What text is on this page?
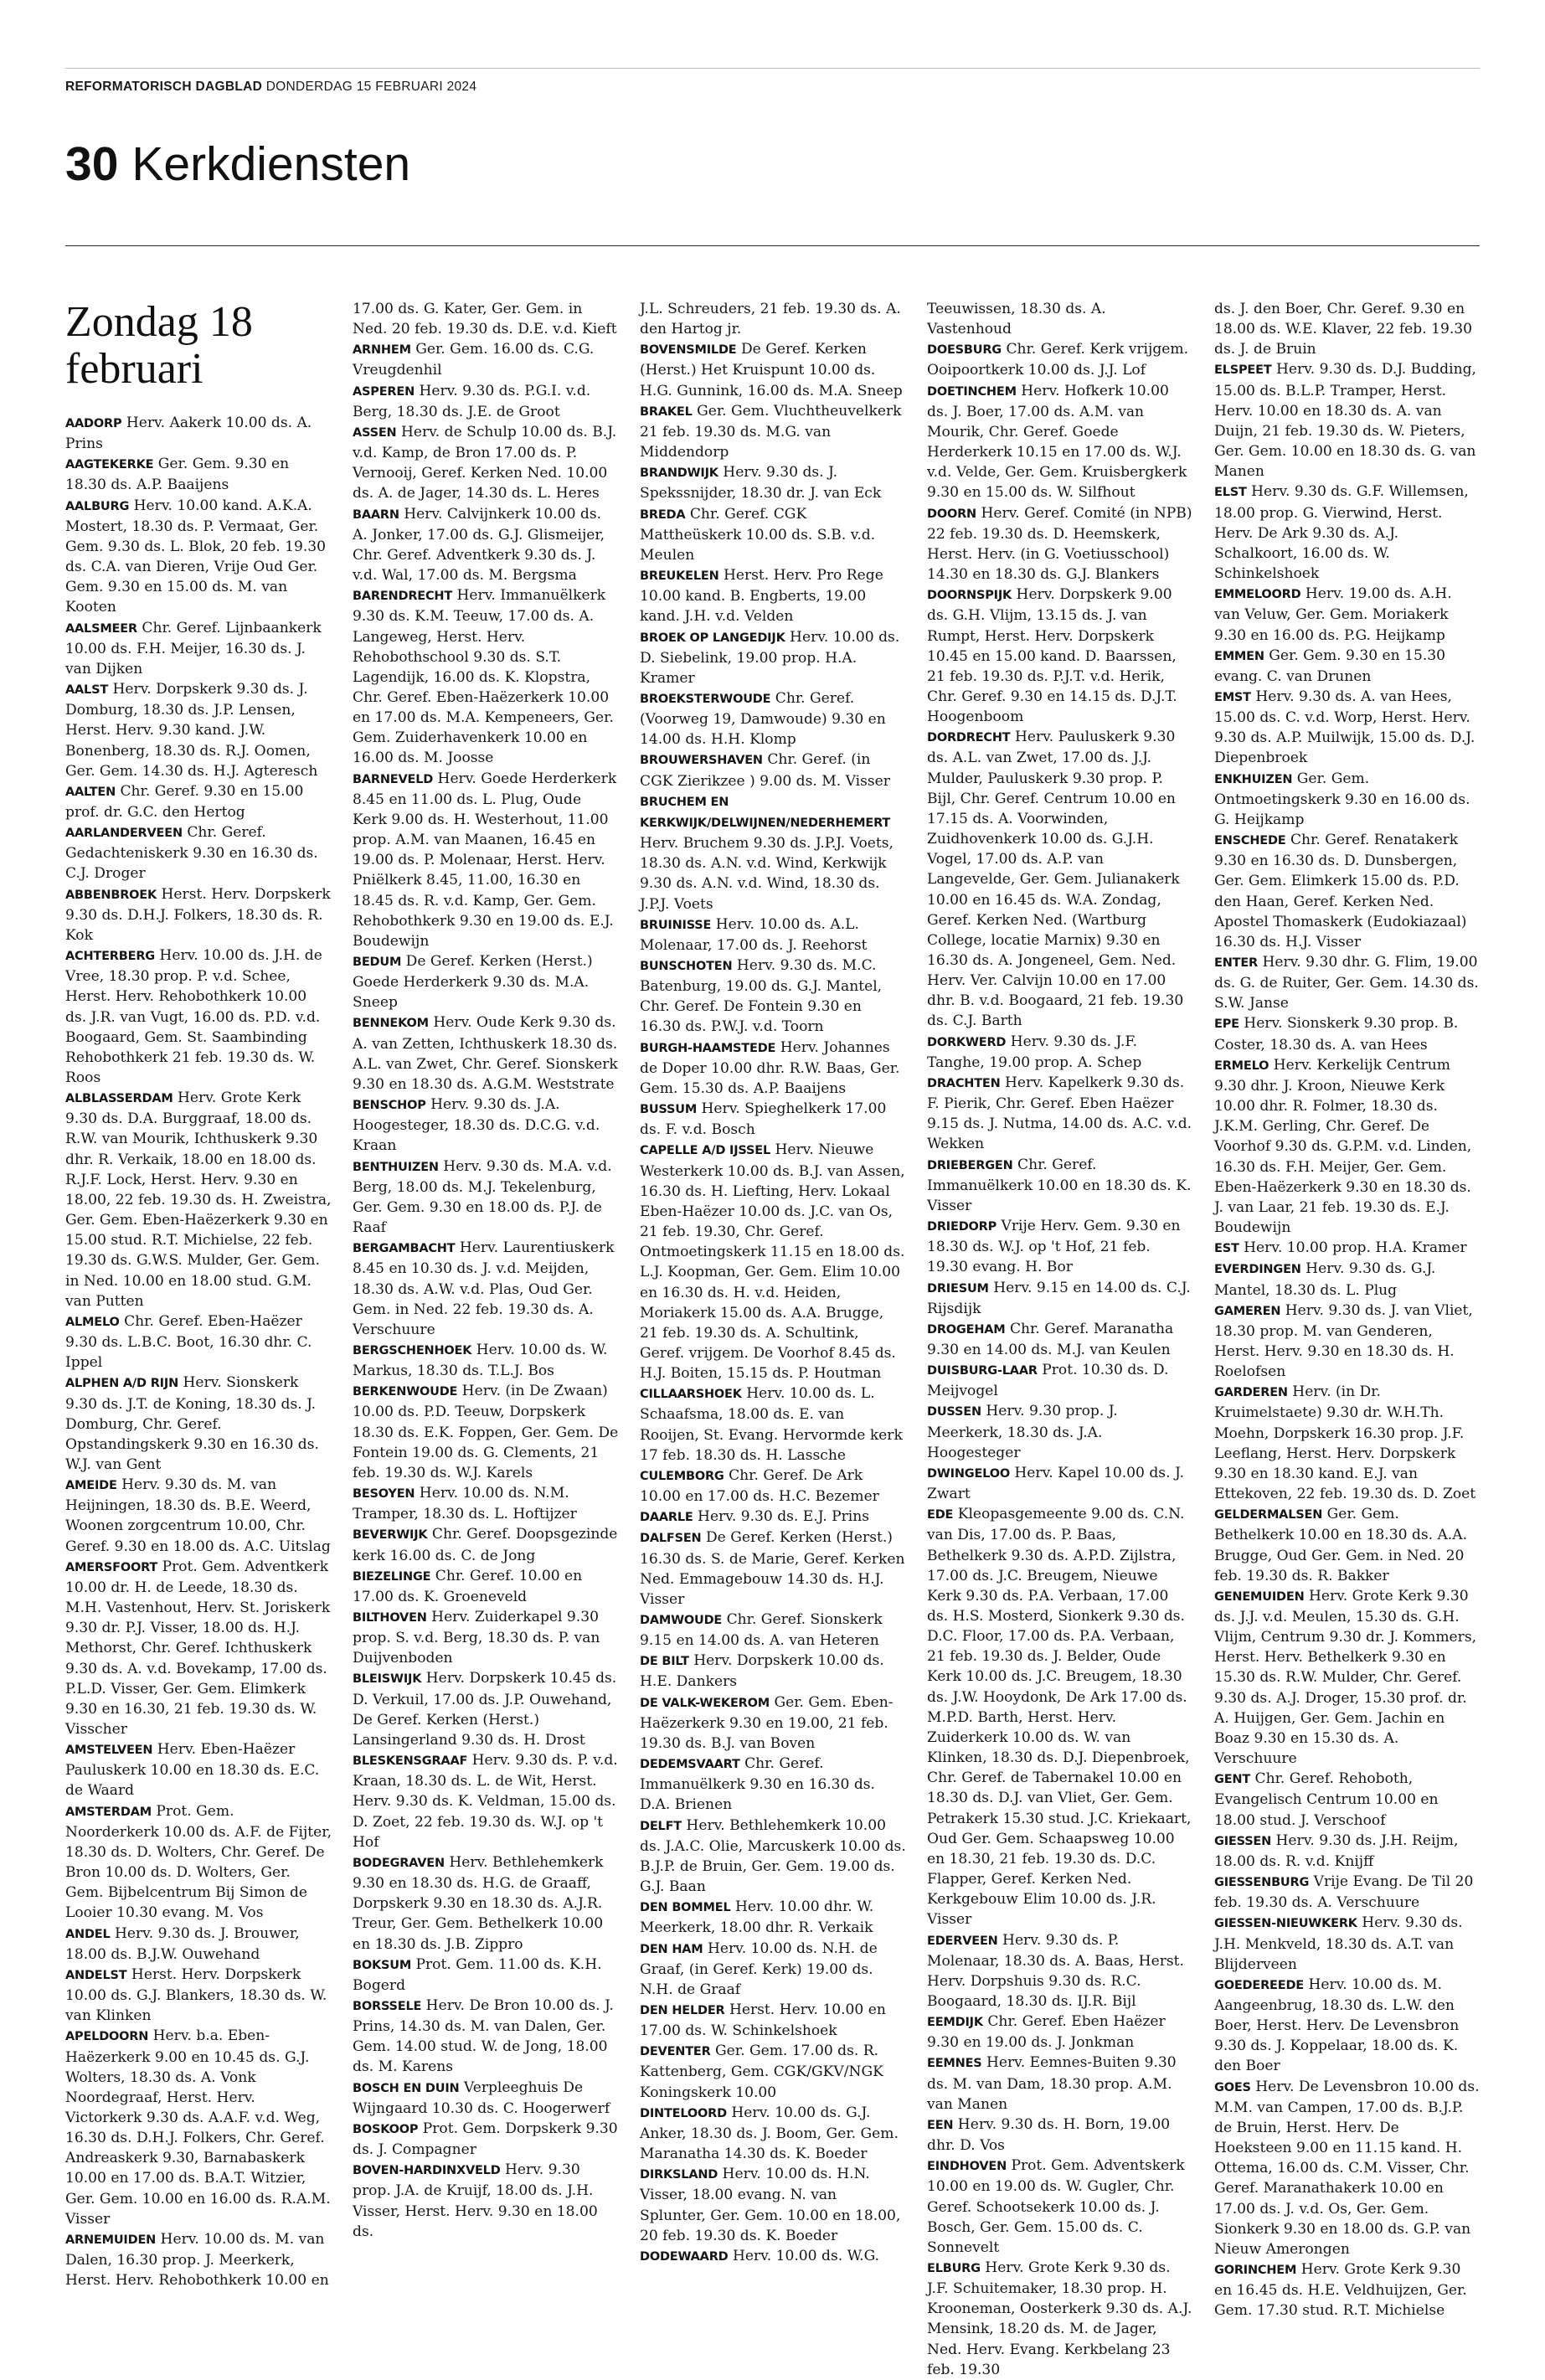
REFORMATORISCH DAGBLAD DONDERDAG 15 FEBRUARI 2024
30 Kerkdiensten
Zondag 18 februari

AADORP Herv. Aakerk 10.00 ds. A. Prins

AAGTEKERKE Ger. Gem. 9.30 en 18.30 ds. A.P. Baaijens

AALBURG Herv. 10.00 kand. A.K.A. Mostert, 18.30 ds. P. Vermaat, Ger. Gem. 9.30 ds. L. Blok, 20 feb. 19.30 ds. C.A. van Dieren, Vrije Oud Ger. Gem. 9.30 en 15.00 ds. M. van Kooten

AALSMEER Chr. Geref. Lijnbaankerk 10.00 ds. F.H. Meijer, 16.30 ds. J. van Dijken

AALST Herv. Dorpskerk 9.30 ds. J. Domburg, 18.30 ds. J.P. Lensen, Herst. Herv. 9.30 kand. J.W. Bonenberg, 18.30 ds. R.J. Oomen, Ger. Gem. 14.30 ds. H.J. Agteresch

AALTEN Chr. Geref. 9.30 en 15.00 prof. dr. G.C. den Hertog

AARLANDERVEEN Chr. Geref. Gedachteniskerk 9.30 en 16.30 ds. C.J. Droger

ABBENBROEK Herst. Herv. Dorpskerk 9.30 ds. D.H.J. Folkers, 18.30 ds. R. Kok

ACHTERBERG Herv. 10.00 ds. J.H. de Vree, 18.30 prop. P. v.d. Schee, Herst. Herv. Rehobothkerk 10.00 ds. J.R. van Vugt, 16.00 ds. P.D. v.d. Boogaard, Gem. St. Saambinding Rehobothkerk 21 feb. 19.30 ds. W. Roos

ALBLASSERDAM Herv. Grote Kerk 9.30 ds. D.A. Burggraaf, 18.00 ds. R.W. van Mourik, Ichthuskerk 9.30 dhr. R. Verkaik, 18.00 en 18.00 ds. R.J.F. Lock, Herst. Herv. 9.30 en 18.00, 22 feb. 19.30 ds. H. Zweistra, Ger. Gem. Eben-Haëzerkerk 9.30 en 15.00 stud. R.T. Michielse, 22 feb. 19.30 ds. G.W.S. Mulder, Ger. Gem. in Ned. 10.00 en 18.00 stud. G.M. van Putten

ALMELO Chr. Geref. Eben-Haëzer 9.30 ds. L.B.C. Boot, 16.30 dhr. C. Ippel

ALPHEN A/D RIJN Herv. Sionskerk 9.30 ds. J.T. de Koning, 18.30 ds. J. Domburg, Chr. Geref. Opstandingskerk 9.30 en 16.30 ds. W.J. van Gent

AMEIDE Herv. 9.30 ds. M. van Heijningen, 18.30 ds. B.E. Weerd, Woonen zorgcentrum 10.00, Chr. Geref. 9.30 en 18.00 ds. A.C. Uitslag

AMERSFOORT Prot. Gem. Adventkerk 10.00 dr. H. de Leede, 18.30 ds. M.H. Vastenhout, Herv. St. Joriskerk 9.30 dr. P.J. Visser, 18.00 ds. H.J. Methorst, Chr. Geref. Ichthuskerk 9.30 ds. A. v.d. Bovekamp, 17.00 ds. P.L.D. Visser, Ger. Gem. Elimkerk 9.30 en 16.30, 21 feb. 19.30 ds. W. Visscher

AMSTELVEEN Herv. Eben-Haëzer Pauluskerk 10.00 en 18.30 ds. E.C. de Waard

AMSTERDAM Prot. Gem. Noorderkerk 10.00 ds. A.F. de Fijter, 18.30 ds. D. Wolters, Chr. Geref. De Bron 10.00 ds. D. Wolters, Ger. Gem. Bijbelcentrum Bij Simon de Looier 10.30 evang. M. Vos

ANDEL Herv. 9.30 ds. J. Brouwer, 18.00 ds. B.J.W. Ouwehand

ANDELST Herst. Herv. Dorpskerk 10.00 ds. G.J. Blankers, 18.30 ds. W. van Klinken

APELDOORN Herv. b.a. Eben-Haëzerkerk 9.00 en 10.45 ds. G.J. Wolters, 18.30 ds. A. Vonk Noordegraaf, Herst. Herv. Victorkerk 9.30 ds. A.A.F. v.d. Weg, 16.30 ds. D.H.J. Folkers, Chr. Geref. Andreaskerk 9.30, Barnabaskerk 10.00 en 17.00 ds. B.A.T. Witzier, Ger. Gem. 10.00 en 16.00 ds. R.A.M. Visser

ARNEMUIDEN Herv. 10.00 ds. M. van Dalen, 16.30 prop. J. Meerkerk, Herst. Herv. Rehobothkerk 10.00 en

17.00 ds. G. Kater, Ger. Gem. in Ned. 20 feb. 19.30 ds. D.E. v.d. Kieft

ARNHEM Ger. Gem. 16.00 ds. C.G. Vreugdenhil

ASPEREN Herv. 9.30 ds. P.G.I. v.d. Berg, 18.30 ds. J.E. de Groot

ASSEN Herv. de Schulp 10.00 ds. B.J. v.d. Kamp, de Bron 17.00 ds. P. Vernooij, Geref. Kerken Ned. 10.00 ds. A. de Jager, 14.30 ds. L. Heres

BAARN Herv. Calvijnkerk 10.00 ds. A. Jonker, 17.00 ds. G.J. Glismeijer, Chr. Geref. Adventkerk 9.30 ds. J. v.d. Wal, 17.00 ds. M. Bergsma

BARENDRECHT Herv. Immanuëlkerk 9.30 ds. K.M. Teeuw, 17.00 ds. A. Langeweg, Herst. Herv. Rehobothschool 9.30 ds. S.T. Lagendijk, 16.00 ds. K. Klopstra, Chr. Geref. Eben-Haëzerkerk 10.00 en 17.00 ds. M.A. Kempeneers, Ger. Gem. Zuiderhavenkerk 10.00 en 16.00 ds. M. Joosse

BARNEVELD Herv. Goede Herderkerk 8.45 en 11.00 ds. L. Plug, Oude Kerk 9.00 ds. H. Westerhout, 11.00 prop. A.M. van Maanen, 16.45 en 19.00 ds. P. Molenaar, Herst. Herv. Pniëlkerk 8.45, 11.00, 16.30 en 18.45 ds. R. v.d. Kamp, Ger. Gem. Rehobothkerk 9.30 en 19.00 ds. E.J. Boudewijn

BEDUM De Geref. Kerken (Herst.) Goede Herderkerk 9.30 ds. M.A. Sneep

BENNEKOM Herv. Oude Kerk 9.30 ds. A. van Zetten, Ichthuskerk 18.30 ds. A.L. van Zwet, Chr. Geref. Sionskerk 9.30 en 18.30 ds. A.G.M. Weststrate

BENSCHOP Herv. 9.30 ds. J.A. Hoogesteger, 18.30 ds. D.C.G. v.d. Kraan

BENTHUIZEN Herv. 9.30 ds. M.A. v.d. Berg, 18.00 ds. M.J. Tekelenburg, Ger. Gem. 9.30 en 18.00 ds. P.J. de Raaf

BERGAMBACHT Herv. Laurentiuskerk 8.45 en 10.30 ds. J. v.d. Meijden, 18.30 ds. A.W. v.d. Plas, Oud Ger. Gem. in Ned. 22 feb. 19.30 ds. A. Verschuure

BERGSCHENHOEK Herv. 10.00 ds. W. Markus, 18.30 ds. T.L.J. Bos

BERKENWOUDE Herv. (in De Zwaan) 10.00 ds. P.D. Teeuw, Dorpskerk 18.30 ds. E.K. Foppen, Ger. Gem. De Fontein 19.00 ds. G. Clements, 21 feb. 19.30 ds. W.J. Karels

BESOYEN Herv. 10.00 ds. N.M. Tramper, 18.30 ds. L. Hoftijzer

BEVERWIJK Chr. Geref. Doopsgezinde kerk 16.00 ds. C. de Jong

BIEZELINGE Chr. Geref. 10.00 en 17.00 ds. K. Groeneveld

BILTHOVEN Herv. Zuiderkapel 9.30 prop. S. v.d. Berg, 18.30 ds. P. van Duijvenboden

BLEISWIJK Herv. Dorpskerk 10.45 ds. D. Verkuil, 17.00 ds. J.P. Ouwehand, De Geref. Kerken (Herst.) Lansingerland 9.30 ds. H. Drost

BLESKENSGRAAF Herv. 9.30 ds. P. v.d. Kraan, 18.30 ds. L. de Wit, Herst. Herv. 9.30 ds. K. Veldman, 15.00 ds. D. Zoet, 22 feb. 19.30 ds. W.J. op 't Hof

BODEGRAVEN Herv. Bethlehemkerk 9.30 en 18.30 ds. H.G. de Graaff, Dorpskerk 9.30 en 18.30 ds. A.J.R. Treur, Ger. Gem. Bethelkerk 10.00 en 18.30 ds. J.B. Zippro

BOKSUM Prot. Gem. 11.00 ds. K.H. Bogerd

BORSSELE Herv. De Bron 10.00 ds. J. Prins, 14.30 ds. M. van Dalen, Ger. Gem. 14.00 stud. W. de Jong, 18.00 ds. M. Karens

BOSCH EN DUIN Verpleeghuis De Wijngaard 10.30 ds. C. Hoogerwerf

BOSKOOP Prot. Gem. Dorpskerk 9.30 ds. J. Compagner

BOVEN-HARDINXVELD Herv. 9.30 prop. J.A. de Kruijf, 18.00 ds. J.H. Visser, Herst. Herv. 9.30 en 18.00 ds.

J.L. Schreuders, 21 feb. 19.30 ds. A. den Hartog jr.

BOVENSMILDE De Geref. Kerken (Herst.) Het Kruispunt 10.00 ds. H.G. Gunnink, 16.00 ds. M.A. Sneep

BRAKEL Ger. Gem. Vluchtheuvelkerk 21 feb. 19.30 ds. M.G. van Middendorp

BRANDWIJK Herv. 9.30 ds. J. Spekssnijder, 18.30 dr. J. van Eck

BREDA Chr. Geref. CGK Mattheüskerk 10.00 ds. S.B. v.d. Meulen

BREUKELEN Herst. Herv. Pro Rege 10.00 kand. B. Engberts, 19.00 kand. J.H. v.d. Velden

BROEK OP LANGEDIJK Herv. 10.00 ds. D. Siebelink, 19.00 prop. H.A. Kramer

BROEKSTERWOUDE Chr. Geref. (Voorweg 19, Damwoude) 9.30 en 14.00 ds. H.H. Klomp

BROUWERSHAVEN Chr. Geref. (in CGK Zierikzee ) 9.00 ds. M. Visser

BRUCHEM EN KERKWIJK/DELWIJNEN/NEDERHEMERT Herv. Bruchem 9.30 ds. J.P.J. Voets, 18.30 ds. A.N. v.d. Wind, Kerkwijk 9.30 ds. A.N. v.d. Wind, 18.30 ds. J.P.J. Voets

BRUINISSE Herv. 10.00 ds. A.L. Molenaar, 17.00 ds. J. Reehorst

BUNSCHOTEN Herv. 9.30 ds. M.C. Batenburg, 19.00 ds. G.J. Mantel, Chr. Geref. De Fontein 9.30 en 16.30 ds. P.W.J. v.d. Toorn

BURGH-HAAMSTEDE Herv. Johannes de Doper 10.00 dhr. R.W. Baas, Ger. Gem. 15.30 ds. A.P. Baaijens

BUSSUM Herv. Spieghelkerk 17.00 ds. F. v.d. Bosch

CAPELLE A/D IJSSEL Herv. Nieuwe Westerkerk 10.00 ds. B.J. van Assen, 16.30 ds. H. Liefting, Herv. Lokaal Eben-Haëzer 10.00 ds. J.C. van Os, 21 feb. 19.30, Chr. Geref. Ontmoetingskerk 11.15 en 18.00 ds. L.J. Koopman, Ger. Gem. Elim 10.00 en 16.30 ds. H. v.d. Heiden, Moriakerk 15.00 ds. A.A. Brugge, 21 feb. 19.30 ds. A. Schultink, Geref. vrijgem. De Voorhof 8.45 ds. H.J. Boiten, 15.15 ds. P. Houtman

CILLAARSHOEK Herv. 10.00 ds. L. Schaafsma, 18.00 ds. E. van Rooijen, St. Evang. Hervormde kerk 17 feb. 18.30 ds. H. Lassche

CULEMBORG Chr. Geref. De Ark 10.00 en 17.00 ds. H.C. Bezemer

DAARLE Herv. 9.30 ds. E.J. Prins

DALFSEN De Geref. Kerken (Herst.) 16.30 ds. S. de Marie, Geref. Kerken Ned. Emmagebouw 14.30 ds. H.J. Visser

DAMWOUDE Chr. Geref. Sionskerk 9.15 en 14.00 ds. A. van Heteren

DE BILT Herv. Dorpskerk 10.00 ds. H.E. Dankers

DE VALK-WEKEROM Ger. Gem. Eben-Haëzerkerk 9.30 en 19.00, 21 feb. 19.30 ds. B.J. van Boven

DEDEMSVAART Chr. Geref. Immanuëlkerk 9.30 en 16.30 ds. D.A. Brienen

DELFT Herv. Bethlehemkerk 10.00 ds. J.A.C. Olie, Marcuskerk 10.00 ds. B.J.P. de Bruin, Ger. Gem. 19.00 ds. G.J. Baan

DEN BOMMEL Herv. 10.00 dhr. W. Meerkerk, 18.00 dhr. R. Verkaik

DEN HAM Herv. 10.00 ds. N.H. de Graaf, (in Geref. Kerk) 19.00 ds. N.H. de Graaf

DEN HELDER Herst. Herv. 10.00 en 17.00 ds. W. Schinkelshoek

DEVENTER Ger. Gem. 17.00 ds. R. Kattenberg, Gem. CGK/GKV/NGK Koningskerk 10.00

DINTELOORD Herv. 10.00 ds. G.J. Anker, 18.30 ds. J. Boom, Ger. Gem. Maranatha 14.30 ds. K. Boeder

DIRKSLAND Herv. 10.00 ds. H.N. Visser, 18.00 evang. N. van Splunter, Ger. Gem. 10.00 en 18.00, 20 feb. 19.30 ds. K. Boeder

DODEWAARD Herv. 10.00 ds. W.G.

Teeuwissen, 18.30 ds. A. Vastenhoud

DOESBURG Chr. Geref. Kerk vrijgem. Ooipoortkerk 10.00 ds. J.J. Lof

DOETINCHEM Herv. Hofkerk 10.00 ds. J. Boer, 17.00 ds. A.M. van Mourik, Chr. Geref. Goede Herderkerk 10.15 en 17.00 ds. W.J. v.d. Velde, Ger. Gem. Kruisbergkerk 9.30 en 15.00 ds. W. Silfhout

DOORN Herv. Geref. Comité (in NPB) 22 feb. 19.30 ds. D. Heemskerk, Herst. Herv. (in G. Voetiusschool) 14.30 en 18.30 ds. G.J. Blankers

DOORNSPIJK Herv. Dorpskerk 9.00 ds. G.H. Vlijm, 13.15 ds. J. van Rumpt, Herst. Herv. Dorpskerk 10.45 en 15.00 kand. D. Baarssen, 21 feb. 19.30 ds. P.J.T. v.d. Herik, Chr. Geref. 9.30 en 14.15 ds. D.J.T. Hoogenboom

DORDRECHT Herv. Pauluskerk 9.30 ds. A.L. van Zwet, 17.00 ds. J.J. Mulder, Pauluskerk 9.30 prop. P. Bijl, Chr. Geref. Centrum 10.00 en 17.15 ds. A. Voorwinden, Zuidhovenkerk 10.00 ds. G.J.H. Vogel, 17.00 ds. A.P. van Langevelde, Ger. Gem. Julianakerk 10.00 en 16.45 ds. W.A. Zondag, Geref. Kerken Ned. (Wartburg College, locatie Marnix) 9.30 en 16.30 ds. A. Jongeneel, Gem. Ned. Herv. Ver. Calvijn 10.00 en 17.00 dhr. B. v.d. Boogaard, 21 feb. 19.30 ds. C.J. Barth

DORKWERD Herv. 9.30 ds. J.F. Tanghe, 19.00 prop. A. Schep

DRACHTEN Herv. Kapelkerk 9.30 ds. F. Pierik, Chr. Geref. Eben Haëzer 9.15 ds. J. Nutma, 14.00 ds. A.C. v.d. Wekken

DRIEBERGEN Chr. Geref. Immanuëlkerk 10.00 en 18.30 ds. K. Visser

DRIEDORP Vrije Herv. Gem. 9.30 en 18.30 ds. W.J. op 't Hof, 21 feb. 19.30 evang. H. Bor

DRIESUM Herv. 9.15 en 14.00 ds. C.J. Rijsdijk

DROGEHAM Chr. Geref. Maranatha 9.30 en 14.00 ds. M.J. van Keulen

DUISBURG-LAAR Prot. 10.30 ds. D. Meijvogel

DUSSEN Herv. 9.30 prop. J. Meerkerk, 18.30 ds. J.A. Hoogesteger

DWINGELOO Herv. Kapel 10.00 ds. J. Zwart

EDE Kleopasgemeente 9.00 ds. C.N. van Dis, 17.00 ds. P. Baas, Bethelkerk 9.30 ds. A.P.D. Zijlstra, 17.00 ds. J.C. Breugem, Nieuwe Kerk 9.30 ds. P.A. Verbaan, 17.00 ds. H.S. Mosterd, Sionkerk 9.30 ds. D.C. Floor, 17.00 ds. P.A. Verbaan, 21 feb. 19.30 ds. J. Belder, Oude Kerk 10.00 ds. J.C. Breugem, 18.30 ds. J.W. Hooydonk, De Ark 17.00 ds. M.P.D. Barth, Herst. Herv. Zuiderkerk 10.00 ds. W. van Klinken, 18.30 ds. D.J. Diepenbroek, Chr. Geref. de Tabernakel 10.00 en 18.30 ds. D.J. van Vliet, Ger. Gem. Petrakerk 15.30 stud. J.C. Kriekaart, Oud Ger. Gem. Schaapsweg 10.00 en 18.30, 21 feb. 19.30 ds. D.C. Flapper, Geref. Kerken Ned. Kerkgebouw Elim 10.00 ds. J.R. Visser

EDERVEEN Herv. 9.30 ds. P. Molenaar, 18.30 ds. A. Baas, Herst. Herv. Dorpshuis 9.30 ds. R.C. Boogaard, 18.30 ds. IJ.R. Bijl

EEMDIJK Chr. Geref. Eben Haëzer 9.30 en 19.00 ds. J. Jonkman

EEMNES Herv. Eemnes-Buiten 9.30 ds. M. van Dam, 18.30 prop. A.M. van Manen

EEN Herv. 9.30 ds. H. Born, 19.00 dhr. D. Vos

EINDHOVEN Prot. Gem. Adventskerk 10.00 en 19.00 ds. W. Gugler, Chr. Geref. Schootsekerk 10.00 ds. J. Bosch, Ger. Gem. 15.00 ds. C. Sonnevelt

ELBURG Herv. Grote Kerk 9.30 ds. J.F. Schuitemaker, 18.30 prop. H. Krooneman, Oosterkerk 9.30 ds. A.J. Mensink, 18.20 ds. M. de Jager, Ned. Herv. Evang. Kerkbelang 23 feb. 19.30

ds. J. den Boer, Chr. Geref. 9.30 en 18.00 ds. W.E. Klaver, 22 feb. 19.30 ds. J. de Bruin

ELSPEET Herv. 9.30 ds. D.J. Budding, 15.00 ds. B.L.P. Tramper, Herst. Herv. 10.00 en 18.30 ds. A. van Duijn, 21 feb. 19.30 ds. W. Pieters, Ger. Gem. 10.00 en 18.30 ds. G. van Manen

ELST Herv. 9.30 ds. G.F. Willemsen, 18.00 prop. G. Vierwind, Herst. Herv. De Ark 9.30 ds. A.J. Schalkoort, 16.00 ds. W. Schinkelshoek

EMMELOORD Herv. 19.00 ds. A.H. van Veluw, Ger. Gem. Moriakerk 9.30 en 16.00 ds. P.G. Heijkamp

EMMEN Ger. Gem. 9.30 en 15.30 evang. C. van Drunen

EMST Herv. 9.30 ds. A. van Hees, 15.00 ds. C. v.d. Worp, Herst. Herv. 9.30 ds. A.P. Muilwijk, 15.00 ds. D.J. Diepenbroek

ENKHUIZEN Ger. Gem. Ontmoetingskerk 9.30 en 16.00 ds. G. Heijkamp

ENSCHEDE Chr. Geref. Renatakerk 9.30 en 16.30 ds. D. Dunsbergen, Ger. Gem. Elimkerk 15.00 ds. P.D. den Haan, Geref. Kerken Ned. Apostel Thomaskerk (Eudokiazaal) 16.30 ds. H.J. Visser

ENTER Herv. 9.30 dhr. G. Flim, 19.00 ds. G. de Ruiter, Ger. Gem. 14.30 ds. S.W. Janse

EPE Herv. Sionskerk 9.30 prop. B. Coster, 18.30 ds. A. van Hees

ERMELO Herv. Kerkelijk Centrum 9.30 dhr. J. Kroon, Nieuwe Kerk 10.00 dhr. R. Folmer, 18.30 ds. J.K.M. Gerling, Chr. Geref. De Voorhof 9.30 ds. G.P.M. v.d. Linden, 16.30 ds. F.H. Meijer, Ger. Gem. Eben-Haëzerkerk 9.30 en 18.30 ds. J. van Laar, 21 feb. 19.30 ds. E.J. Boudewijn

EST Herv. 10.00 prop. H.A. Kramer

EVERDINGEN Herv. 9.30 ds. G.J. Mantel, 18.30 ds. L. Plug

GAMEREN Herv. 9.30 ds. J. van Vliet, 18.30 prop. M. van Genderen, Herst. Herv. 9.30 en 18.30 ds. H. Roelofsen

GARDEREN Herv. (in Dr. Kruimelstaete) 9.30 dr. W.H.Th. Moehn, Dorpskerk 16.30 prop. J.F. Leeflang, Herst. Herv. Dorpskerk 9.30 en 18.30 kand. E.J. van Ettekoven, 22 feb. 19.30 ds. D. Zoet

GELDERMALSEN Ger. Gem. Bethelkerk 10.00 en 18.30 ds. A.A. Brugge, Oud Ger. Gem. in Ned. 20 feb. 19.30 ds. R. Bakker

GENEMUIDEN Herv. Grote Kerk 9.30 ds. J.J. v.d. Meulen, 15.30 ds. G.H. Vlijm, Centrum 9.30 dr. J. Kommers, Herst. Herv. Bethelkerk 9.30 en 15.30 ds. R.W. Mulder, Chr. Geref. 9.30 ds. A.J. Droger, 15.30 prof. dr. A. Huijgen, Ger. Gem. Jachin en Boaz 9.30 en 15.30 ds. A. Verschuure

GENT Chr. Geref. Rehoboth, Evangelisch Centrum 10.00 en 18.00 stud. J. Verschoof

GIESSEN Herv. 9.30 ds. J.H. Reijm, 18.00 ds. R. v.d. Knijff

GIESSENBURG Vrije Evang. De Til 20 feb. 19.30 ds. A. Verschuure

GIESSEN-NIEUWKERK Herv. 9.30 ds. J.H. Menkveld, 18.30 ds. A.T. van Blijderveen

GOEDEREEDE Herv. 10.00 ds. M. Aangeenbrug, 18.30 ds. L.W. den Boer, Herst. Herv. De Levensbron 9.30 ds. J. Koppelaar, 18.00 ds. K. den Boer

GOES Herv. De Levensbron 10.00 ds. M.M. van Campen, 17.00 ds. B.J.P. de Bruin, Herst. Herv. De Hoeksteen 9.00 en 11.15 kand. H. Ottema, 16.00 ds. C.M. Visser, Chr. Geref. Maranathakerk 10.00 en 17.00 ds. J. v.d. Os, Ger. Gem. Sionkerk 9.30 en 18.00 ds. G.P. van Nieuw Amerongen

GORINCHEM Herv. Grote Kerk 9.30 en 16.45 ds. H.E. Veldhuijzen, Ger. Gem. 17.30 stud. R.T. Michielse
